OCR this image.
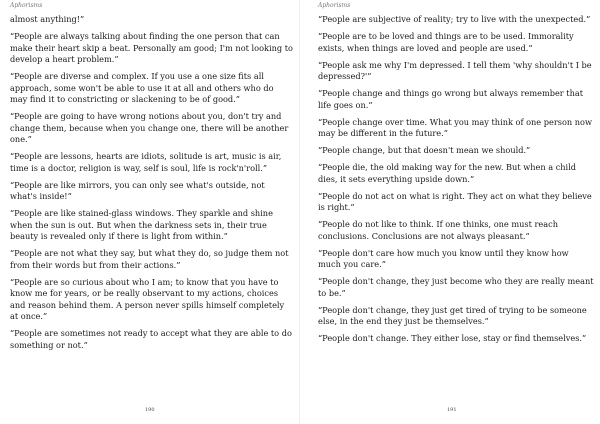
Aphorisms

almost anything!”

“People are always talking about finding the one person that can make their heart skip a beat. Personally am good; I'm not looking to develop a heart problem.”

“People are diverse and complex. If you use a one size fits all approach, some won't be able to use it at all and others who do may find it to constricting or slackening to be of good.”

“People are going to have wrong notions about you, don't try and change them, because when you change one, there will be another one.”

“People are lessons, hearts are idiots, solitude is art, music is air, time is a doctor, religion is way, self is soul, life is rock'n'roll.”

“People are like mirrors, you can only see what's outside, not what's inside!”

“People are like stained-glass windows. They sparkle and shine when the sun is out. But when the darkness sets in, their true beauty is revealed only if there is light from within.”

“People are not what they say, but what they do, so judge them not from their words but from their actions.”

“People are so curious about who I am; to know that you have to know me for years, or be really observant to my actions, choices and reason behind them. A person never spills himself completely at once.”

“People are sometimes not ready to accept what they are able to do something or not.”

190
Aphorisms

“People are subjective of reality; try to live with the unexpected.”

“People are to be loved and things are to be used. Immorality exists, when things are loved and people are used.”

“People ask me why I'm depressed. I tell them 'why shouldn't I be depressed?'”

“People change and things go wrong but always remember that life goes on.”

“People change over time. What you may think of one person now may be different in the future.”

“People change, but that doesn't mean we should.”

“People die, the old making way for the new. But when a child dies, it sets everything upside down.”

“People do not act on what is right. They act on what they believe is right.”

“People do not like to think. If one thinks, one must reach conclusions. Conclusions are not always pleasant.”

“People don't care how much you know until they know how much you care.”

“People don't change, they just become who they are really meant to be.”

“People don't change, they just get tired of trying to be someone else, in the end they just be themselves.”

“People don't change. They either lose, stay or find themselves.”

191
